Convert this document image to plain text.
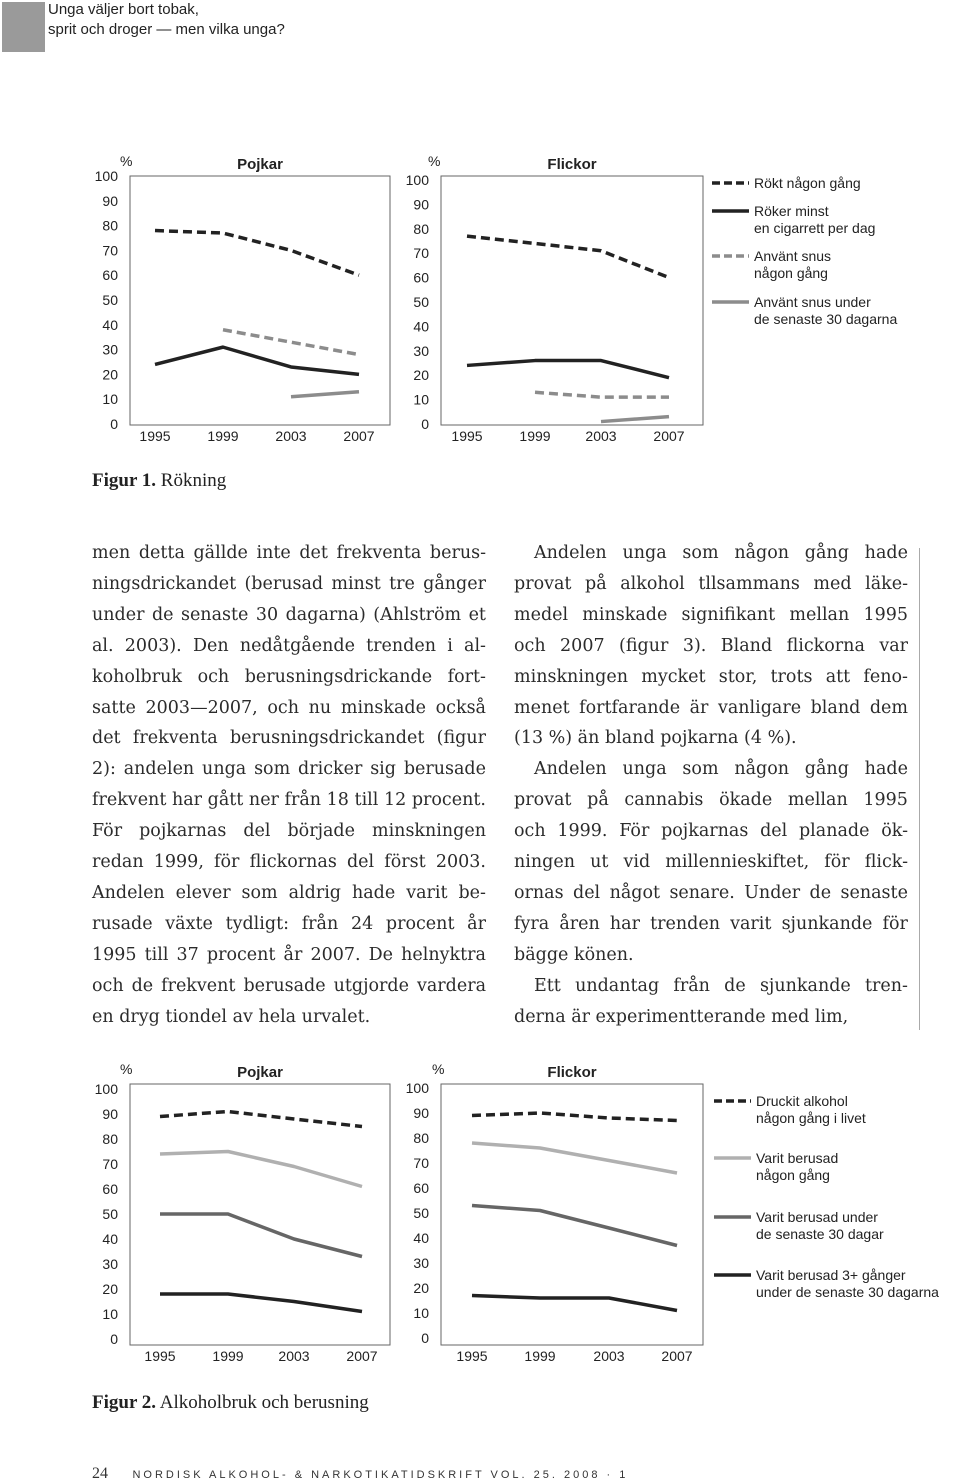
Unga väljer bort tobak,
sprit och droger — men vilka unga?
Pojkar
%
100
90
80
70
60
50
40
30
20
10
0
1995	1999	2003	2007
Flickor
%
100
90
80
70
60
50
40
30
20
10
0
1995	1999 2003	2007
Rökt någon gång
Röker minst
en cigarrett per dag
Använt snus
någon gång
Använt snus under
de senaste 30 dagarna
Figur 1. Rökning
men detta gällde inte det frekventa berus-
ningsdrickandet (berusad minst tre gånger
under de senaste 30 dagarna) (Ahlström et
al. 2003). Den nedåtgående trenden i al-
koholbruk och berusningsdrickande fort-
satte 2003—2007, och nu minskade också
det frekventa berusningsdrickandet (figur
2): andelen unga som dricker sig berusade
frekvent har gått ner från 18 till 12 procent.
För pojkarnas del började minskningen
redan 1999, för flickornas del först 2003.
Andelen elever som aldrig hade varit be-
rusade växte tydligt: från 24 procent år
1995 till 37 procent år 2007. De helnyktra
och de frekvent berusade utgjorde vardera
en dryg tiondel av hela urvalet.
Andelen unga som någon gång hade
provat på alkohol tllsammans med läke-
medel minskade signifikant mellan 1995
och 2007 (figur 3). Bland flickorna var
minskningen mycket stor, trots att feno-
menet fortfarande är vanligare bland dem
(13 %) än bland pojkarna (4 %).
Andelen unga som någon gång hade
provat på cannabis ökade mellan 1995
och 1999. För pojkarnas del planade ök-
ningen ut vid millennieskiftet, för flick-
ornas del något senare. Under de senaste
fyra åren har trenden varit sjunkande för
bägge könen.
Ett undantag från de sjunkande tren-
derna är experimentterande med lim,
Pojkar
%
100
90
80
70
60
50
40
30
20
10
0
1995	1999 2003	2007
Flickor
%
100
90
80
70
60
50
40
30
20
10
0
1995	1999	2003	2007
Druckit alkohol
någon gång i livet
Varit berusad
någon gång
Varit berusad under
de senaste 30 dagar
Varit berusad 3+ gånger
under de senaste 30 dagarna
Figur 2. Alkoholbruk och berusning
24 NORDISK ALKOHOL- & NARKOTIKATIDSKRIFT VOL. 25. 2008 · 1
